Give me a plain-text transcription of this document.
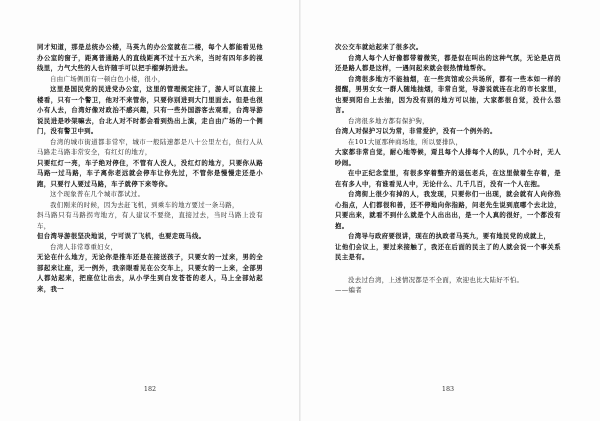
同才知道，那是总统办公楼，马英九的办公室就在二楼，每个人都能看见他办公室的窗子，距离普通路人的直线距离不过十五六米，当时有四年多的视线里，力气大些的人也许随手可以把手榴弹扔进去。

自由广场侧面有一顿白色小楼，很小，

这里是国民党的民进党办公室，这里的管理规定挂了，游人可以直接上楼看，只有一个警卫，他对不来管你，只要你别进到大门里面去。但是也很小有人去，台湾好像对政治不感兴趣，只有一些外国游客去观看，台湾导游说民进是吵架嘛去，台北人对不时都会看到热出上演，走自由广场的一个侧门，没有警卫中到。

台湾的城市街道都非常窄，城市一般陆速都是八十公里左右，但行人从马路走马路非常安全，有红灯的地方，

只要红灯一亮，车子绝对停住，不管有人没人，没红灯的地方，只要你从路马路一过马路，车子离你老远就会停车让你先过，不管你是慢慢走还是小跑，只要行人要过马路，车子就停下来等你。

这个现象普在几个城市都试过。

我们刚来的时候，因为去赶飞机，到乘车的地方要过一条马路，

斜马路只有马路拐弯地方，有人建议不要绕，直接过去，当时马路上没有车，

但台湾导游很坚决地说，宁可误了飞机，也要走斑马线。

台湾人非常尊重妇女，

无论在什么地方，无论你是推车还是在接送孩子，只要女的一过来，男的全部起来让座，无一例外，我亲眼看见在公交车上，只要女的一上来，全部男人都站起来，把座位让出去，从小学生到白发苍苍的老人，马上全部站起来，我一

次公交车就站起来了很多次。

台湾人每个人好像都带着微笑，都是似在叫出的这种气氛，无论是店员还是路人都是这样，一遇问起来就会很热情地帮你。

台湾很多地方不能抽烟，在一些宾馆或公共场所，都有一些本如一样的提醒，男男女女一群人随地抽烟，非常自觉，导游说就连在北的市长家里，也要到阳台上去抽，因为没有别的地方可以抽，大家都很自觉，没什么怨言。

台湾很多地方都有保护狗，

台湾人对保护习以为常，非常爱护，没有一个例外的。

在101大厦那种商场地，所以要排队，

大家都非常自觉，耐心地等候，甭且每个人排每个人的队，几个小时，无人吵闹。

在中正纪念堂里，有很多穿着整齐的退伍老兵，在这里做着生存着，是在有多人中，有谁看见人中，无论什么、几千几百，没有一个人在抱。

台湾街上很少有掉的人，我发现，只要你们一出现，就会就有人向你热心指点，人们都很和善，还不停地向你指路，问老先生说到底哪个去北边，只要出来，就看不到什么就是个人出出出，是一个人真的很好，一个都没有抱。

台湾导与政府要很讲，现在的执政者马英九，要有地民党的成就上，

让他们会议上，要过来接触了，我还在后面的民主了的人就会说一个事关系民主是有。

没去过台湾，上述情况都是不全面，欢迎也比大陆好不怕。

——编者

182	183
